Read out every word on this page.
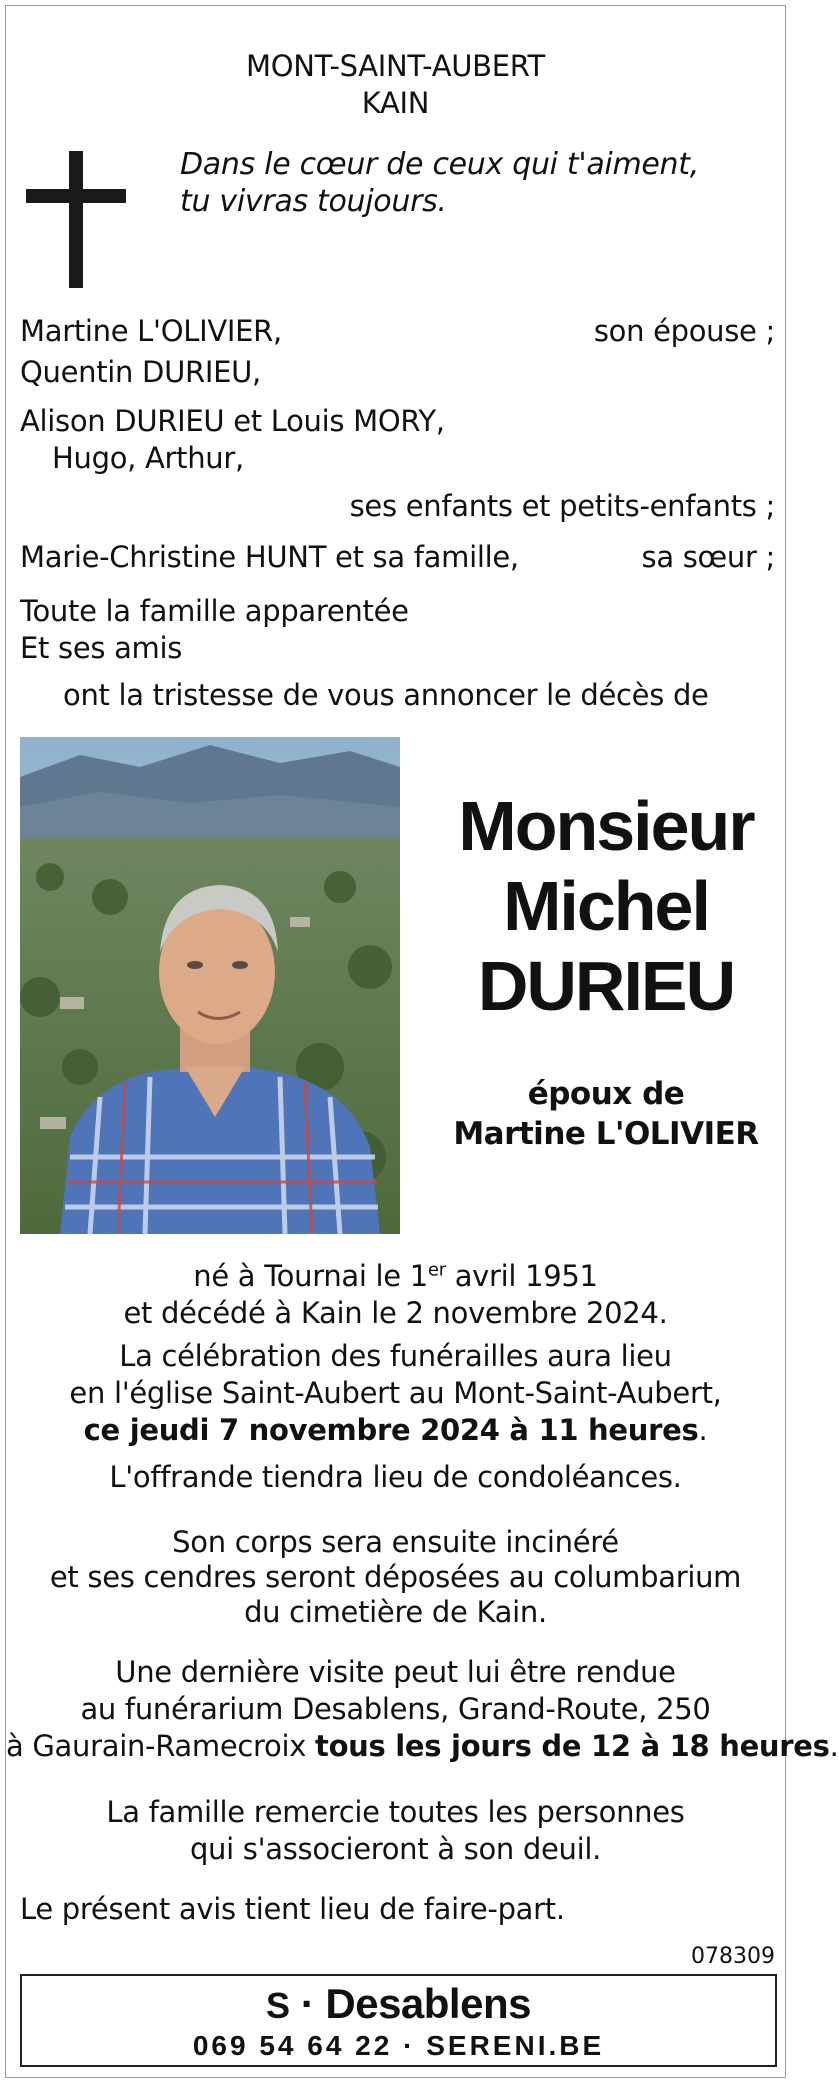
MONT-SAINT-AUBERT
KAIN
Dans le cœur de ceux qui t'aiment,
tu vivras toujours.
Martine L'OLIVIER,	son épouse ;
Quentin DURIEU,
Alison DURIEU et Louis MORY,
Hugo, Arthur,
ses enfants et petits-enfants ;
Marie-Christine HUNT et sa famille,	sa sœur ;
Toute la famille apparentée
Et ses amis
ont la tristesse de vous annoncer le décès de
Monsieur
Michel
DURIEU
époux de
Martine L'OLIVIER
né à Tournai le 1er avril 1951
et décédé à Kain le 2 novembre 2024.
La célébration des funérailles aura lieu
en l'église Saint-Aubert au Mont-Saint-Aubert,
ce jeudi 7 novembre 2024 à 11 heures.
L'offrande tiendra lieu de condoléances.
Son corps sera ensuite incinéré
et ses cendres seront déposées au columbarium
du cimetière de Kain.
Une dernière visite peut lui être rendue
au funérarium Desablens, Grand-Route, 250
à Gaurain-Ramecroix tous les jours de 12 à 18 heures.
La famille remercie toutes les personnes
qui s'associeront à son deuil.
Le présent avis tient lieu de faire-part.
078309
S · Desablens
069 54 64 22 · SERENI.BE
